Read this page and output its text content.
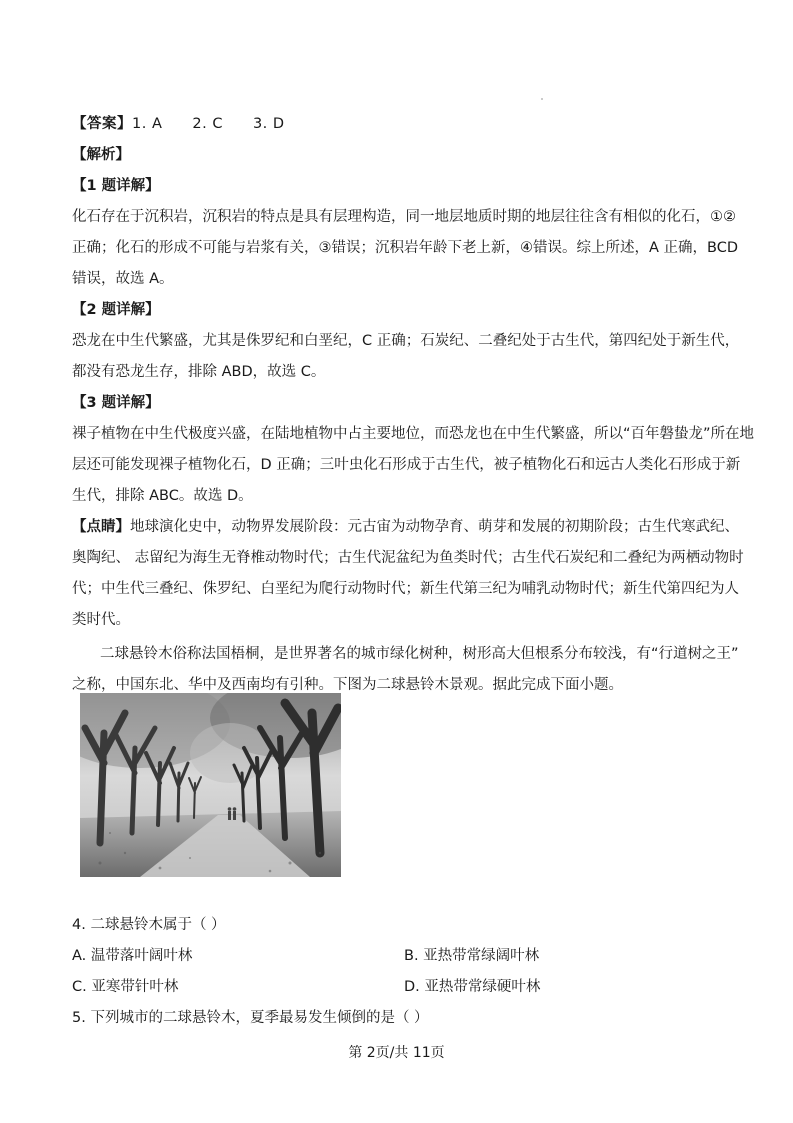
【答案】1. A 2. C 3. D
【解析】
【1 题详解】
化石存在于沉积岩，沉积岩的特点是具有层理构造，同一地层地质时期的地层往往含有相似的化石，①②
正确；化石的形成不可能与岩浆有关，③错误；沉积岩年龄下老上新，④错误。综上所述，A 正确，BCD
错误，故选 A。
【2 题详解】
恐龙在中生代繁盛，尤其是侏罗纪和白垩纪，C 正确；石炭纪、二叠纪处于古生代，第四纪处于新生代，
都没有恐龙生存，排除 ABD，故选 C。
【3 题详解】
裸子植物在中生代极度兴盛，在陆地植物中占主要地位，而恐龙也在中生代繁盛，所以“百年磐蛰龙”所在地
层还可能发现裸子植物化石，D 正确；三叶虫化石形成于古生代，被子植物化石和远古人类化石形成于新
生代，排除 ABC。故选 D。
【点睛】地球演化史中，动物界发展阶段：元古宙为动物孕育、萌芽和发展的初期阶段；古生代寒武纪、
奥陶纪、 志留纪为海生无脊椎动物时代；古生代泥盆纪为鱼类时代；古生代石炭纪和二叠纪为两栖动物时
代；中生代三叠纪、侏罗纪、白垩纪为爬行动物时代；新生代第三纪为哺乳动物时代；新生代第四纪为人
类时代。
二球悬铃木俗称法国梧桐，是世界著名的城市绿化树种，树形高大但根系分布较浅，有“行道树之王”
之称，中国东北、华中及西南均有引种。下图为二球悬铃木景观。据此完成下面小题。
4. 二球悬铃木属于（ ）
A. 温带落叶阔叶林	B. 亚热带常绿阔叶林
C. 亚寒带针叶林	D. 亚热带常绿硬叶林
5. 下列城市的二球悬铃木，夏季最易发生倾倒的是（ ）
第 2页/共 11页
